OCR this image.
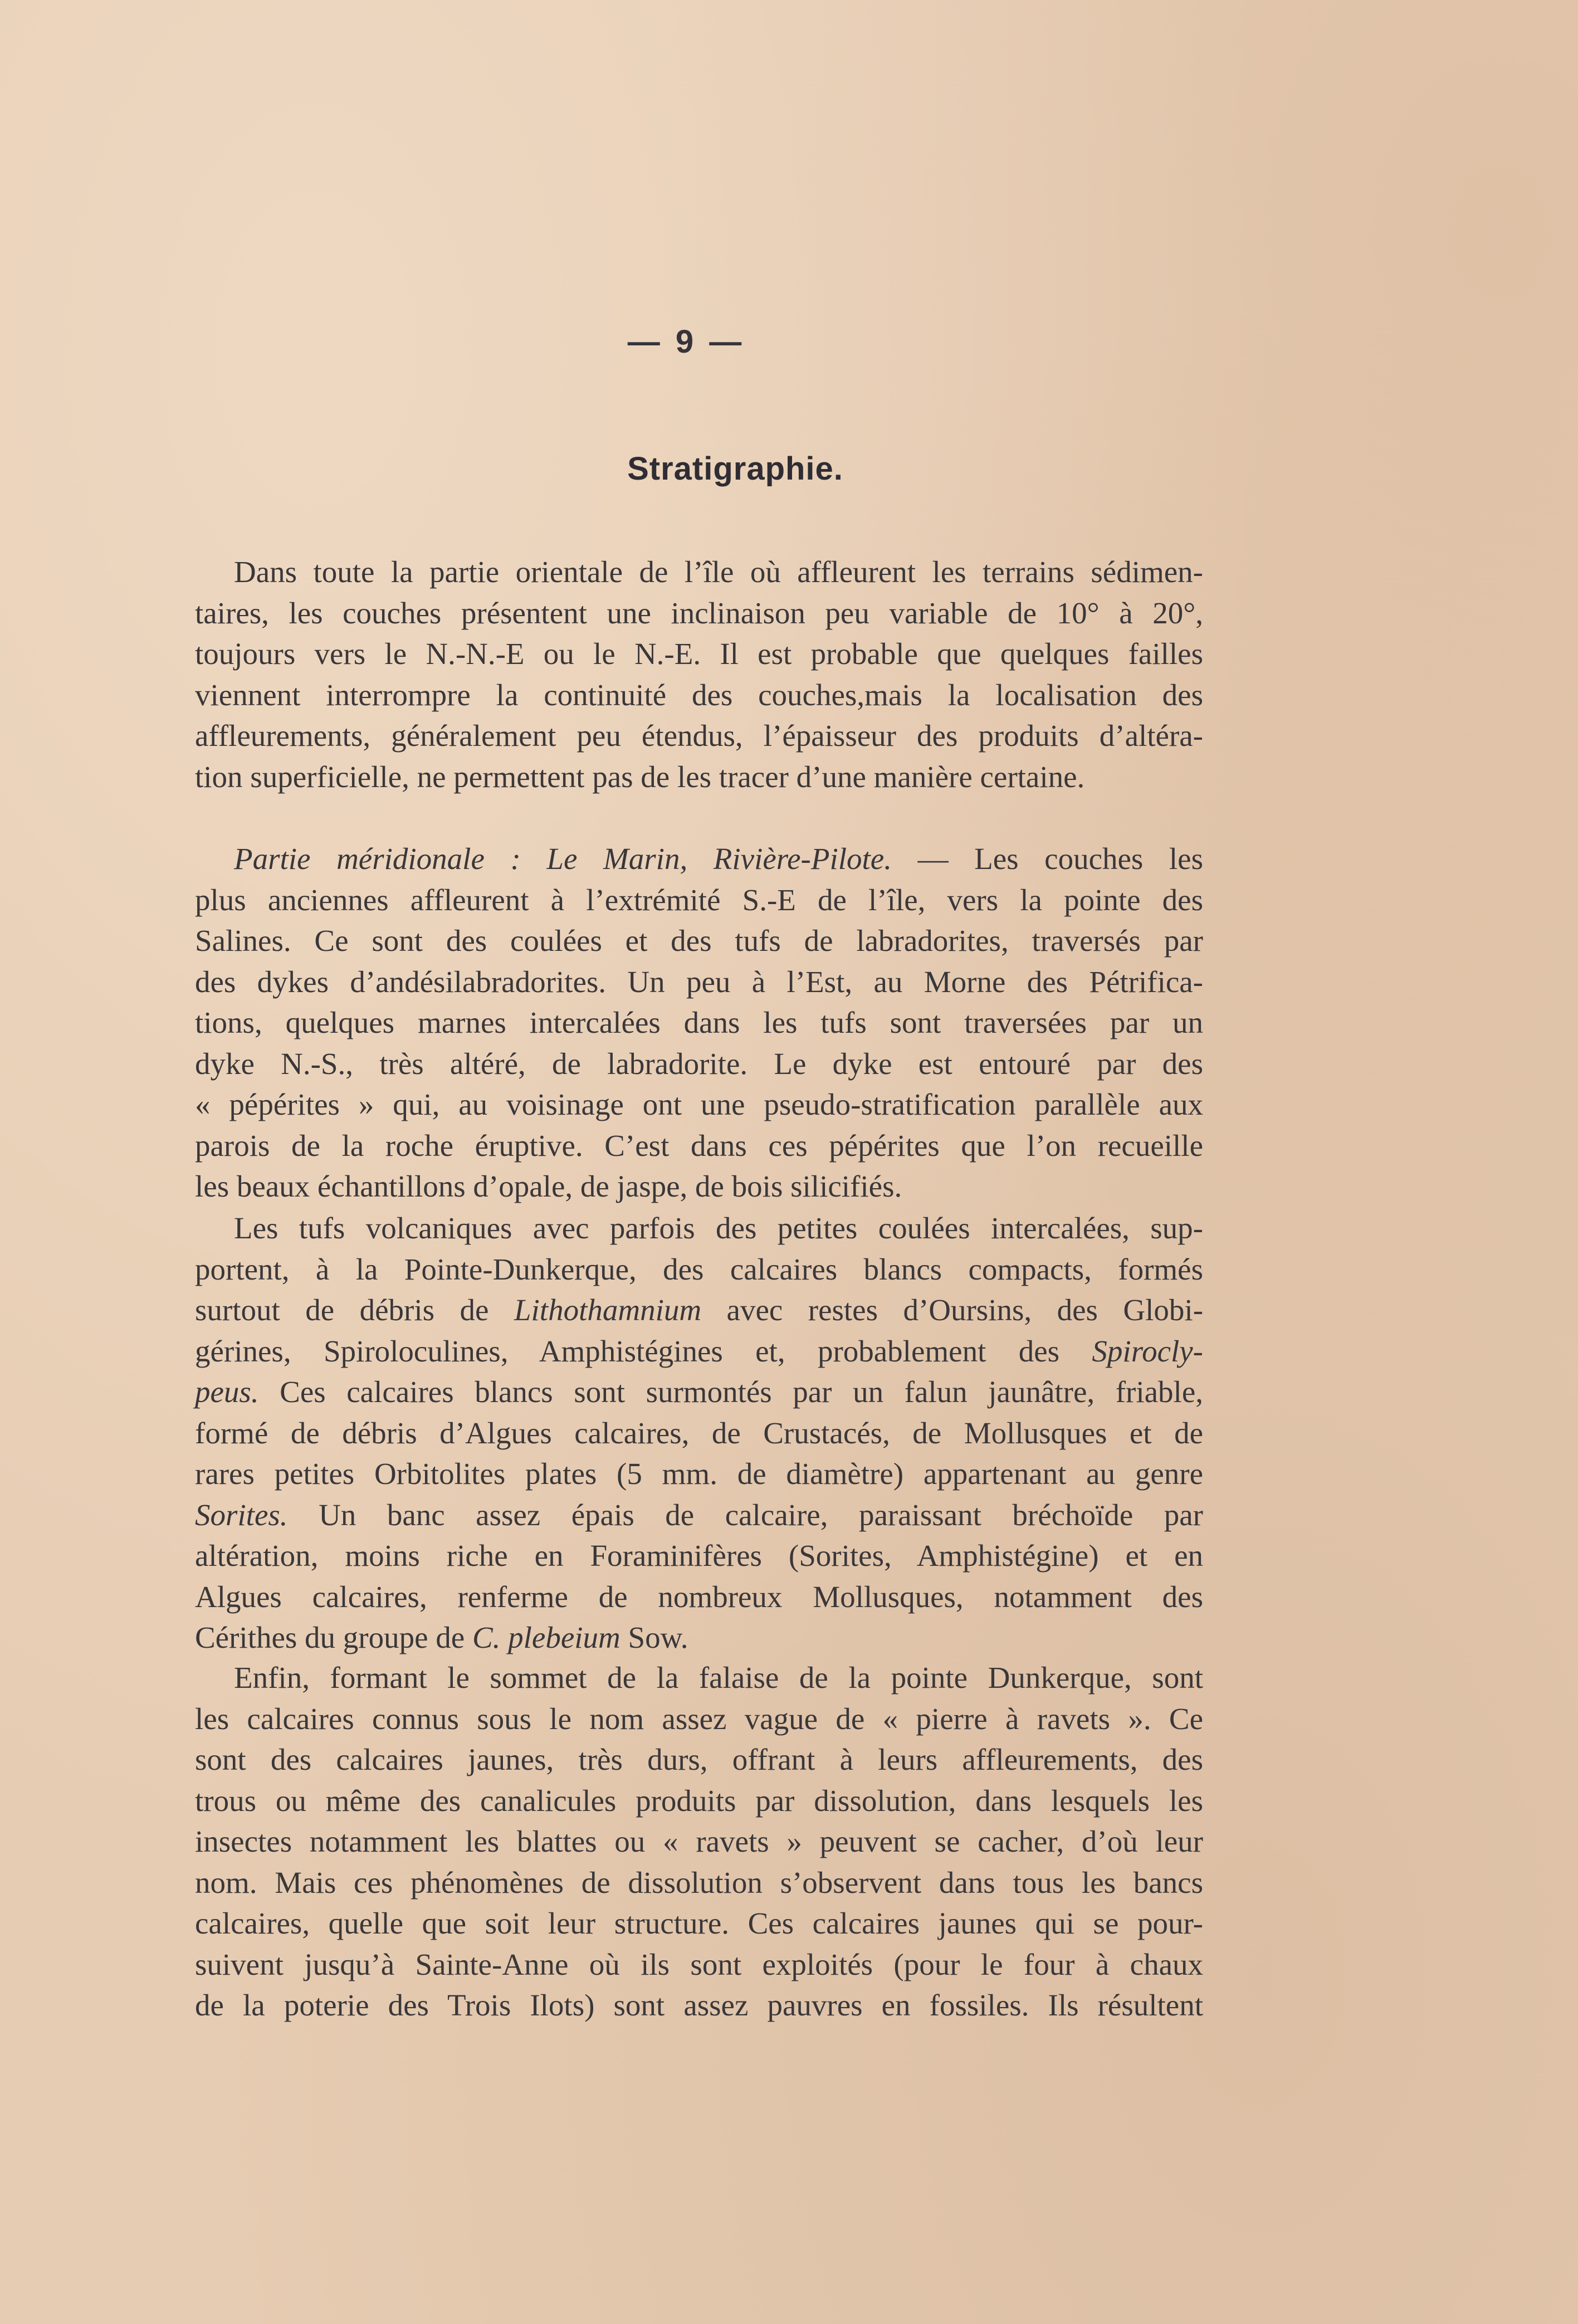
— 9 —
Stratigraphie.
Dans toute la partie orientale de l’île où affleurent les terrains sédimen-
taires, les couches présentent une inclinaison peu variable de 10° à 20°,
toujours vers le N.-N.-E ou le N.-E. Il est probable que quelques failles
viennent interrompre la continuité des couches,mais la localisation des
affleurements, généralement peu étendus, l’épaisseur des produits d’altéra-
tion superficielle, ne permettent pas de les tracer d’une manière certaine.
Partie méridionale : Le Marin, Rivière-Pilote. — Les couches les
plus anciennes affleurent à l’extrémité S.-E de l’île, vers la pointe des
Salines. Ce sont des coulées et des tufs de labradorites, traversés par
des dykes d’andésilabradorites. Un peu à l’Est, au Morne des Pétrifica-
tions, quelques marnes intercalées dans les tufs sont traversées par un
dyke N.-S., très altéré, de labradorite. Le dyke est entouré par des
« pépérites » qui, au voisinage ont une pseudo-stratification parallèle aux
parois de la roche éruptive. C’est dans ces pépérites que l’on recueille
les beaux échantillons d’opale, de jaspe, de bois silicifiés.
Les tufs volcaniques avec parfois des petites coulées intercalées, sup-
portent, à la Pointe-Dunkerque, des calcaires blancs compacts, formés
surtout de débris de Lithothamnium avec restes d’Oursins, des Globi-
gérines, Spiroloculines, Amphistégines et, probablement des Spirocly-
peus. Ces calcaires blancs sont surmontés par un falun jaunâtre, friable,
formé de débris d’Algues calcaires, de Crustacés, de Mollusques et de
rares petites Orbitolites plates (5 mm. de diamètre) appartenant au genre
Sorites. Un banc assez épais de calcaire, paraissant bréchoïde par
altération, moins riche en Foraminifères (Sorites, Amphistégine) et en
Algues calcaires, renferme de nombreux Mollusques, notamment des
Cérithes du groupe de C. plebeium Sow.
Enfin, formant le sommet de la falaise de la pointe Dunkerque, sont
les calcaires connus sous le nom assez vague de « pierre à ravets ». Ce
sont des calcaires jaunes, très durs, offrant à leurs affleurements, des
trous ou même des canalicules produits par dissolution, dans lesquels les
insectes notamment les blattes ou « ravets » peuvent se cacher, d’où leur
nom. Mais ces phénomènes de dissolution s’observent dans tous les bancs
calcaires, quelle que soit leur structure. Ces calcaires jaunes qui se pour-
suivent jusqu’à Sainte-Anne où ils sont exploités (pour le four à chaux
de la poterie des Trois Ilots) sont assez pauvres en fossiles. Ils résultent
